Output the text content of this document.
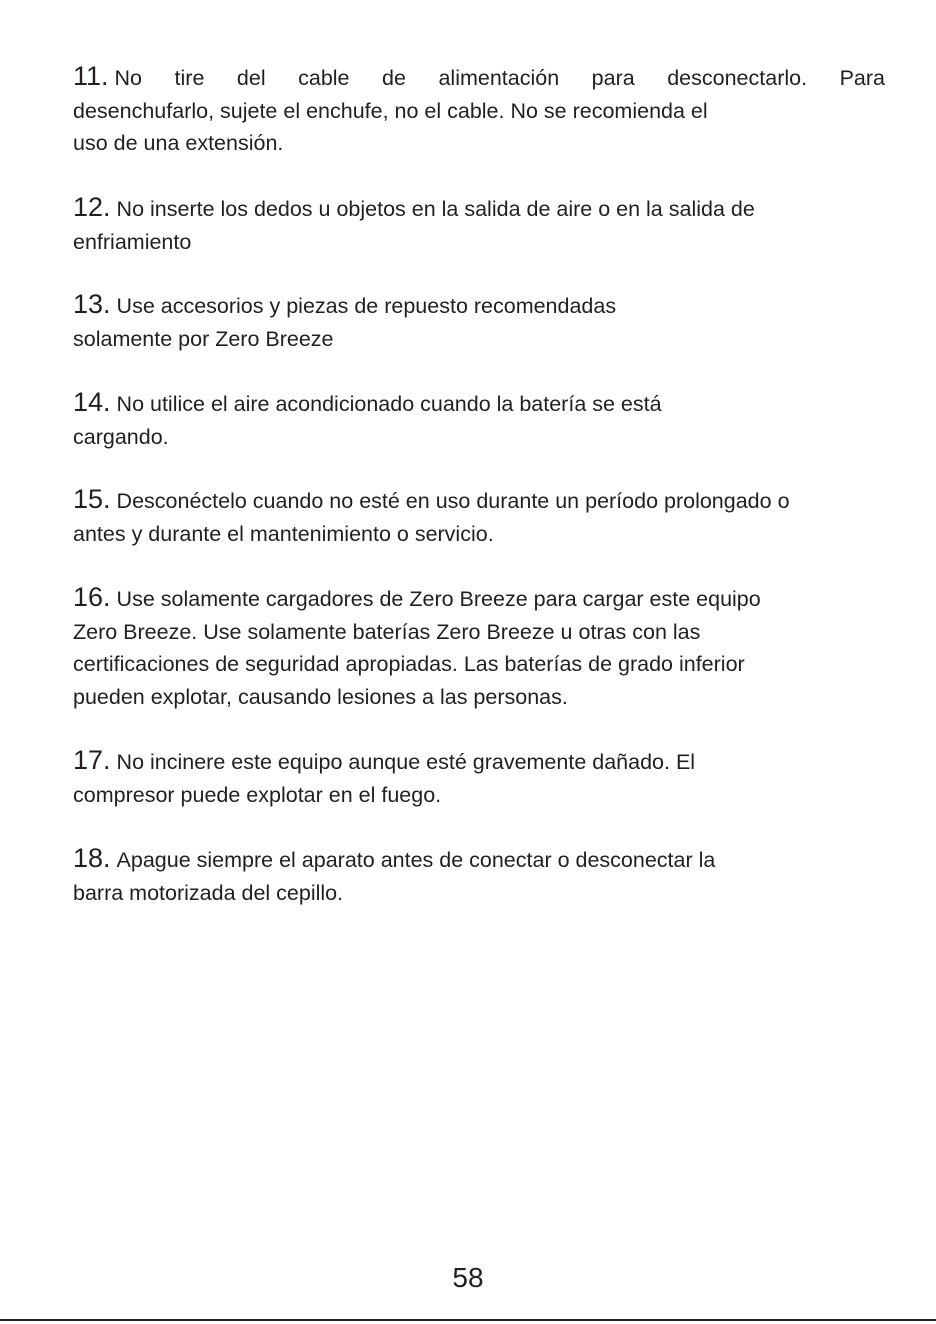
11. No tire del cable de alimentación para desconectarlo. Para
desenchufarlo, sujete el enchufe, no el cable. No se recomienda el
uso de una extensión.

12. No inserte los dedos u objetos en la salida de aire o en la salida de
enfriamiento

13. Use accesorios y piezas de repuesto recomendadas
solamente por Zero Breeze

14. No utilice el aire acondicionado cuando la batería se está
cargando.

15. Desconéctelo cuando no esté en uso durante un período prolongado o
antes y durante el mantenimiento o servicio.

16. Use solamente cargadores de Zero Breeze para cargar este equipo
Zero Breeze. Use solamente baterías Zero Breeze u otras con las
certificaciones de seguridad apropiadas. Las baterías de grado inferior
pueden explotar, causando lesiones a las personas.

17. No incinere este equipo aunque esté gravemente dañado. El
compresor puede explotar en el fuego.

18. Apague siempre el aparato antes de conectar o desconectar la
barra motorizada del cepillo.

58
